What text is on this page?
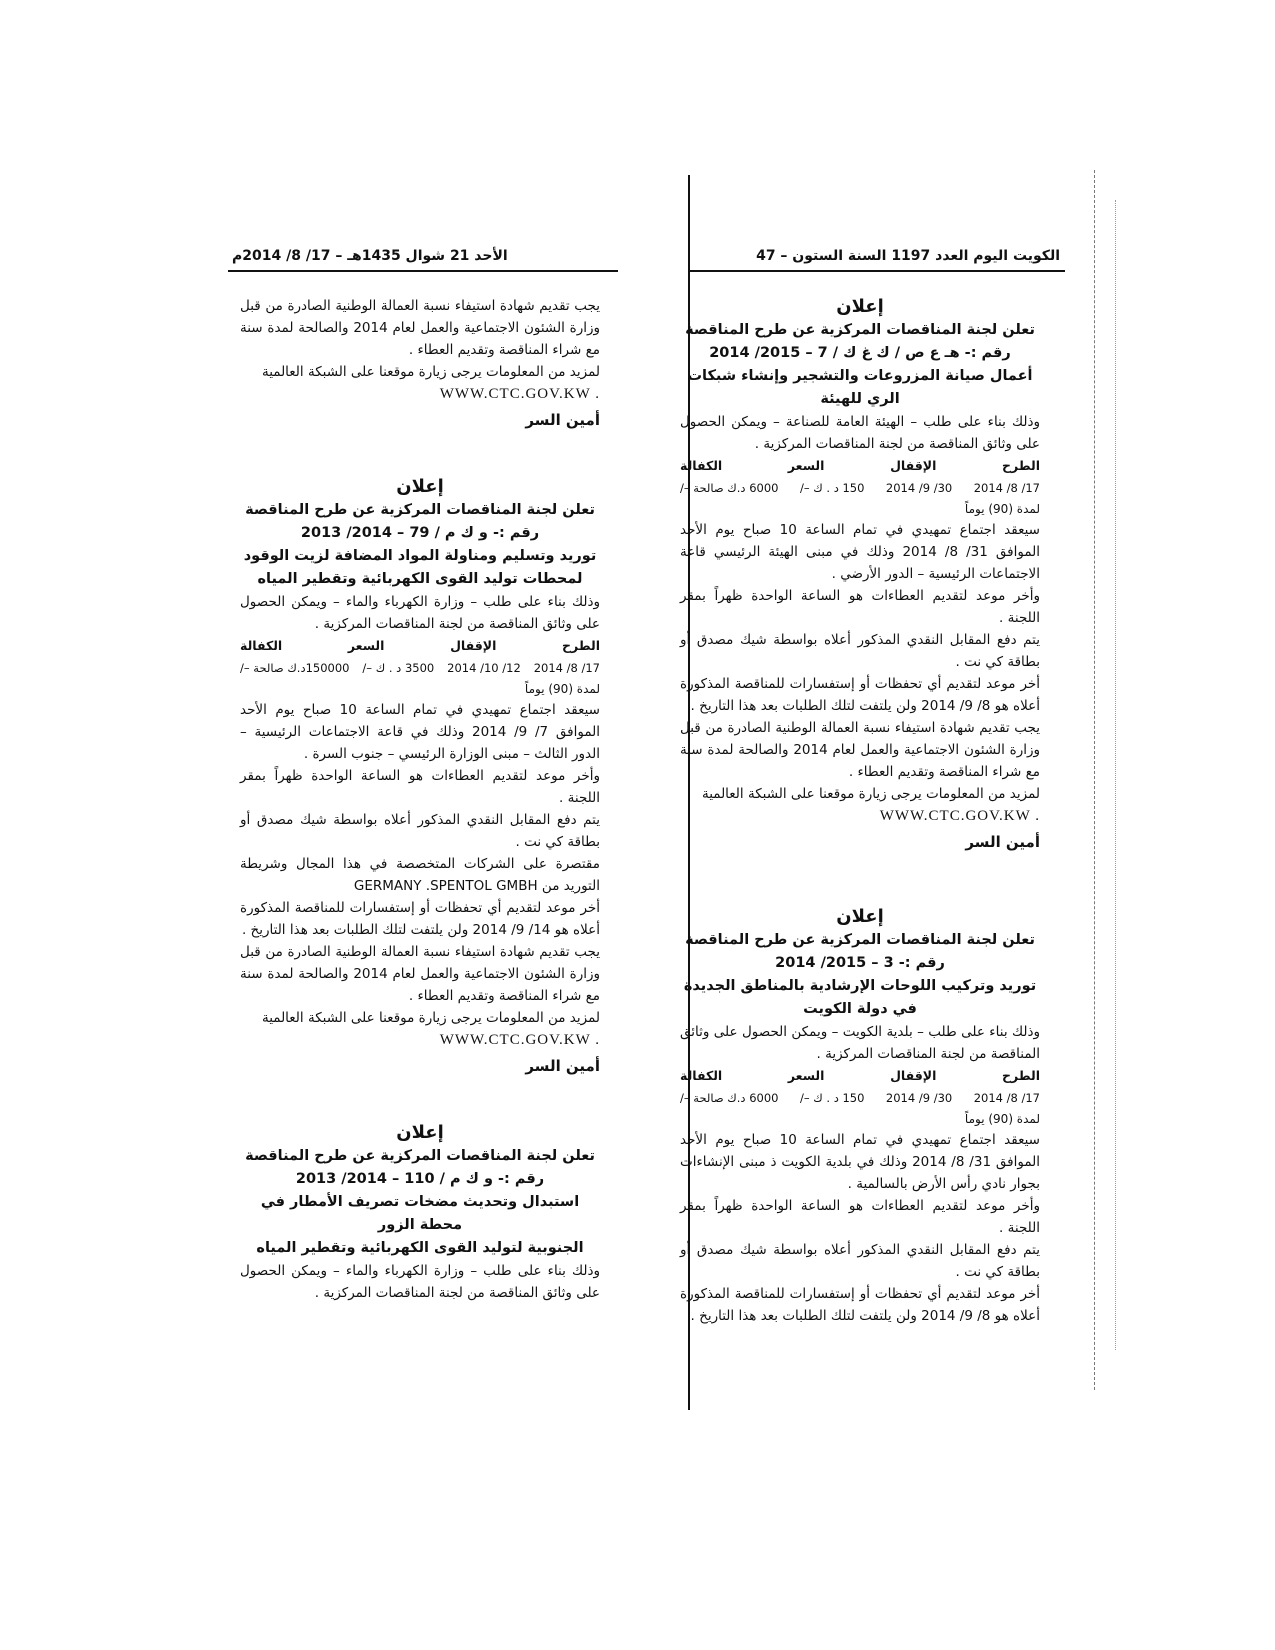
الكويت اليوم العدد 1197 السنة الستون – 47
الأحد 21 شوال 1435هـ – 17/ 8/ 2014م
إعلان
تعلن لجنة المناقصات المركزية عن طرح المناقصة
رقم :- هـ ع ص / ك غ ك / 7 – 2015/ 2014
أعمال صيانة المزروعات والتشجير وإنشاء شبكات الري للهيئة

وذلك بناء على طلب – الهيئة العامة للصناعة – ويمكن الحصول على وثائق المناقصة من لجنة المناقصات المركزية .

الطرح
الإقفال
السعر
الكفالة
17/ 8/ 2014
30/ 9/ 2014
150 د . ك –/
6000 د.ك صالحة –/
لمدة (90) يوماً

سيعقد اجتماع تمهيدي في تمام الساعة 10 صباح يوم الأحد الموافق 31/ 8/ 2014 وذلك في مبنى الهيئة الرئيسي قاعة الاجتماعات الرئيسية – الدور الأرضي .

وأخر موعد لتقديم العطاءات هو الساعة الواحدة ظهراً بمقر اللجنة .

يتم دفع المقابل النقدي المذكور أعلاه بواسطة شيك مصدق أو بطاقة كي نت .

أخر موعد لتقديم أي تحفظات أو إستفسارات للمناقصة المذكورة أعلاه هو 8/ 9/ 2014 ولن يلتفت لتلك الطلبات بعد هذا التاريخ .

يجب تقديم شهادة استيفاء نسبة العمالة الوطنية الصادرة من قبل وزارة الشئون الاجتماعية والعمل لعام 2014 والصالحة لمدة سنة مع شراء المناقصة وتقديم العطاء .

لمزيد من المعلومات يرجى زيارة موقعنا على الشبكة العالمية

WWW.CTC.GOV.KW .
أمين السر
إعلان
تعلن لجنة المناقصات المركزية عن طرح المناقصة
رقم :- 3 – 2015/ 2014
توريد وتركيب اللوحات الإرشادية بالمناطق الجديدة في دولة الكويت

وذلك بناء على طلب – بلدية الكويت – ويمكن الحصول على وثائق المناقصة من لجنة المناقصات المركزية .

الطرح
الإقفال
السعر
الكفالة
17/ 8/ 2014
30/ 9/ 2014
150 د . ك –/
6000 د.ك صالحة –/
لمدة (90) يوماً

سيعقد اجتماع تمهيدي في تمام الساعة 10 صباح يوم الأحد الموافق 31/ 8/ 2014 وذلك في بلدية الكويت ذ مبنى الإنشاءات بجوار نادي رأس الأرض بالسالمية .

وأخر موعد لتقديم العطاءات هو الساعة الواحدة ظهراً بمقر اللجنة .

يتم دفع المقابل النقدي المذكور أعلاه بواسطة شيك مصدق أو بطاقة كي نت .

أخر موعد لتقديم أي تحفظات أو إستفسارات للمناقصة المذكورة أعلاه هو 8/ 9/ 2014 ولن يلتفت لتلك الطلبات بعد هذا التاريخ .

يجب تقديم شهادة استيفاء نسبة العمالة الوطنية الصادرة من قبل وزارة الشئون الاجتماعية والعمل لعام 2014 والصالحة لمدة سنة مع شراء المناقصة وتقديم العطاء .

لمزيد من المعلومات يرجى زيارة موقعنا على الشبكة العالمية

WWW.CTC.GOV.KW .
أمين السر
إعلان
تعلن لجنة المناقصات المركزية عن طرح المناقصة
رقم :- و ك م / 79 – 2014/ 2013
توريد وتسليم ومناولة المواد المضافة لزيت الوقود
لمحطات توليد القوى الكهربائية وتقطير المياه

وذلك بناء على طلب – وزارة الكهرباء والماء – ويمكن الحصول على وثائق المناقصة من لجنة المناقصات المركزية .

الطرح
الإقفال
السعر
الكفالة
17/ 8/ 2014
12/ 10/ 2014
3500 د . ك –/
150000د.ك صالحة –/
لمدة (90) يوماً

سيعقد اجتماع تمهيدي في تمام الساعة 10 صباح يوم الأحد الموافق 7/ 9/ 2014 وذلك في قاعة الاجتماعات الرئيسية – الدور الثالث – مبنى الوزارة الرئيسي – جنوب السرة .

وأخر موعد لتقديم العطاءات هو الساعة الواحدة ظهراً بمقر اللجنة .

يتم دفع المقابل النقدي المذكور أعلاه بواسطة شيك مصدق أو بطاقة كي نت .

مقتصرة على الشركات المتخصصة في هذا المجال وشريطة التوريد من GERMANY .SPENTOL GMBH

أخر موعد لتقديم أي تحفظات أو إستفسارات للمناقصة المذكورة أعلاه هو 14/ 9/ 2014 ولن يلتفت لتلك الطلبات بعد هذا التاريخ .

يجب تقديم شهادة استيفاء نسبة العمالة الوطنية الصادرة من قبل وزارة الشئون الاجتماعية والعمل لعام 2014 والصالحة لمدة سنة مع شراء المناقصة وتقديم العطاء .

لمزيد من المعلومات يرجى زيارة موقعنا على الشبكة العالمية

WWW.CTC.GOV.KW .
أمين السر
إعلان
تعلن لجنة المناقصات المركزية عن طرح المناقصة
رقم :- و ك م / 110 – 2014/ 2013
استبدال وتحديث مضخات تصريف الأمطار في محطة الزور
الجنوبية لتوليد القوى الكهربائية وتقطير المياه

وذلك بناء على طلب – وزارة الكهرباء والماء – ويمكن الحصول على وثائق المناقصة من لجنة المناقصات المركزية .
